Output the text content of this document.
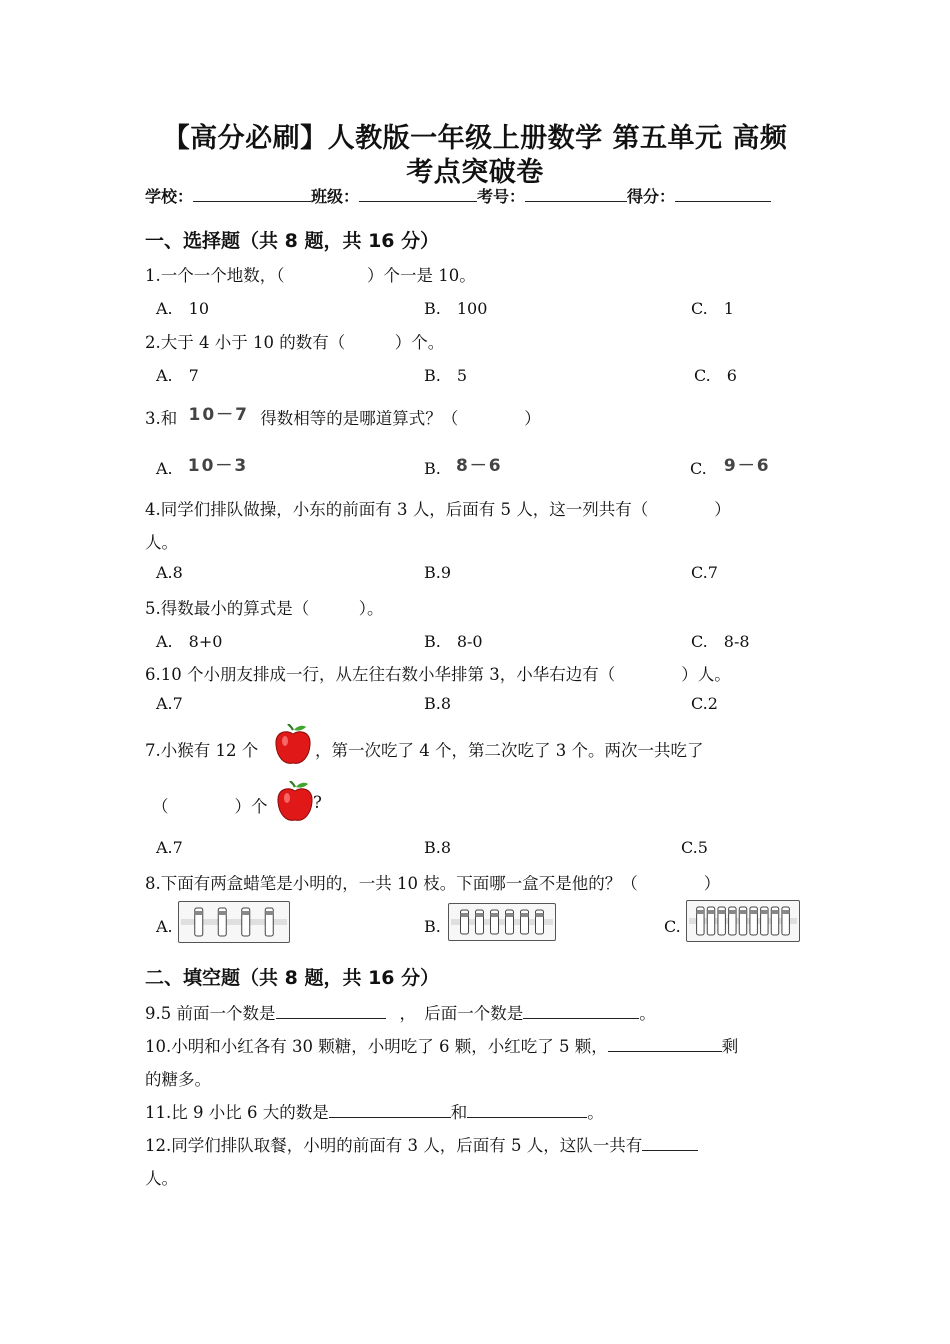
【高分必刷】人教版一年级上册数学 第五单元 高频
考点突破卷
学校：	班级：	考号：	得分：
一、选择题（共 8 题，共 16 分）
1.一个一个地数，（　　　　　）个一是 10。
A.　10	B.　100	C.　1
2.大于 4 小于 10 的数有（　　　）个。
A.　7	B.　5	C.　6
3.和 10－7 得数相等的是哪道算式？（　　　　）
A. 10－3	B. 8－6	C. 9－6
4.同学们排队做操，小东的前面有 3 人，后面有 5 人，这一列共有（　　　　）
人。
A.8	B.9	C.7
5.得数最小的算式是（　　　）。
A.　8+0	B.　8-0	C.　8-8
6.10 个小朋友排成一行，从左往右数小华排第 3，小华右边有（　　　　）人。
A.7	B.8	C.2
7.小猴有 12 个	，第一次吃了 4 个，第二次吃了 3 个。两次一共吃了
（　　　　）个	?
A.7	B.8	C.5
8.下面有两盒蜡笔是小明的，一共 10 枝。下面哪一盒不是他的？（　　　　）
A.	B.	C.
二、填空题（共 8 题，共 16 分）
9.5 前面一个数是	，　后面一个数是	。
10.小明和小红各有 30 颗糖，小明吃了 6 颗，小红吃了 5 颗，	剩
的糖多。
11.比 9 小比 6 大的数是	和	。
12.同学们排队取餐，小明的前面有 3 人，后面有 5 人，这队一共有
人。
